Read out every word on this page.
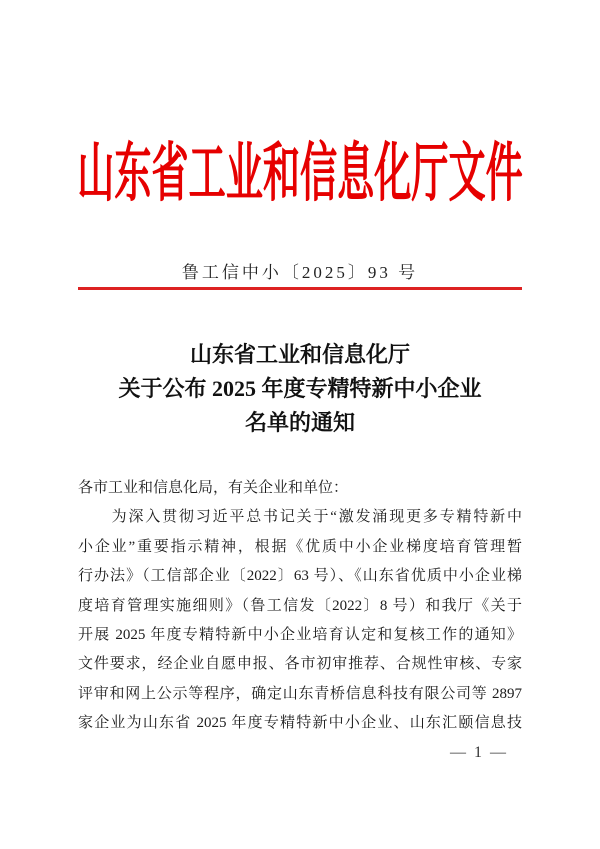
山东省工业和信息化厅文件
鲁工信中小〔2025〕93 号
山东省工业和信息化厅
关于公布 2025 年度专精特新中小企业
名单的通知
各市工业和信息化局，有关企业和单位：
　　为深入贯彻习近平总书记关于“激发涌现更多专精特新中
小企业”重要指示精神，根据《优质中小企业梯度培育管理暂
行办法》（工信部企业〔2022〕63 号）、《山东省优质中小企业梯
度培育管理实施细则》（鲁工信发〔2022〕8 号）和我厅《关于
开展 2025 年度专精特新中小企业培育认定和复核工作的通知》
文件要求，经企业自愿申报、各市初审推荐、合规性审核、专家
评审和网上公示等程序，确定山东青桥信息科技有限公司等 2897
家企业为山东省 2025 年度专精特新中小企业、山东汇颐信息技
— 1 —
